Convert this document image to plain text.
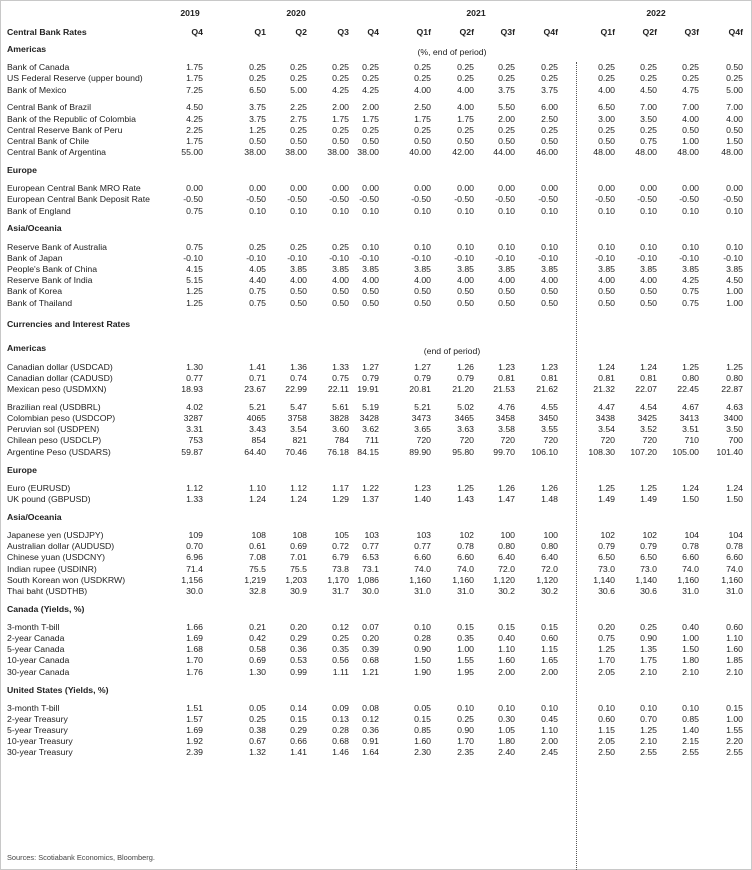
2019	2020	2021	2022
Central Bank Rates	Q4	Q1	Q2	Q3	Q4	Q1f	Q2f	Q3f	Q4f	Q1f	Q2f	Q3f	Q4f
Americas	(%, end of period)
Bank of Canada	1.75	0.25	0.25	0.25	0.25	0.25	0.25	0.25	0.25	0.25	0.25	0.25	0.50
US Federal Reserve (upper bound)	1.75	0.25	0.25	0.25	0.25	0.25	0.25	0.25	0.25	0.25	0.25	0.25	0.25
Bank of Mexico	7.25	6.50	5.00	4.25	4.25	4.00	4.00	3.75	3.75	4.00	4.50	4.75	5.00
Central Bank of Brazil	4.50	3.75	2.25	2.00	2.00	2.50	4.00	5.50	6.00	6.50	7.00	7.00	7.00
Bank of the Republic of Colombia	4.25	3.75	2.75	1.75	1.75	1.75	1.75	2.00	2.50	3.00	3.50	4.00	4.00
Central Reserve Bank of Peru	2.25	1.25	0.25	0.25	0.25	0.25	0.25	0.25	0.25	0.25	0.25	0.50	0.50
Central Bank of Chile	1.75	0.50	0.50	0.50	0.50	0.50	0.50	0.50	0.50	0.50	0.75	1.00	1.50
Central Bank of Argentina	55.00	38.00	38.00	38.00 38.00	40.00	42.00	44.00	46.00	48.00	48.00	48.00	48.00
Europe
European Central Bank MRO Rate	0.00	0.00	0.00	0.00	0.00	0.00	0.00	0.00	0.00	0.00	0.00	0.00	0.00
European Central Bank Deposit Rate	-0.50	-0.50	-0.50	-0.50	-0.50	-0.50	-0.50	-0.50	-0.50	-0.50	-0.50	-0.50	-0.50
Bank of England	0.75	0.10	0.10	0.10	0.10	0.10	0.10	0.10	0.10	0.10	0.10	0.10	0.10
Asia/Oceania
Reserve Bank of Australia	0.75	0.25	0.25	0.25	0.10	0.10	0.10	0.10	0.10	0.10	0.10	0.10	0.10
Bank of Japan	-0.10	-0.10	-0.10	-0.10	-0.10	-0.10	-0.10	-0.10	-0.10	-0.10	-0.10	-0.10	-0.10
People's Bank of China	4.15	4.05	3.85	3.85	3.85	3.85	3.85	3.85	3.85	3.85	3.85	3.85	3.85
Reserve Bank of India	5.15	4.40	4.00	4.00	4.00	4.00	4.00	4.00	4.00	4.00	4.00	4.25	4.50
Bank of Korea	1.25	0.75	0.50	0.50	0.50	0.50	0.50	0.50	0.50	0.50	0.50	0.75	1.00
Bank of Thailand	1.25	0.75	0.50	0.50	0.50	0.50	0.50	0.50	0.50	0.50	0.50	0.75	1.00
Currencies and Interest Rates
Americas	(end of period)
Canadian dollar (USDCAD)	1.30	1.41	1.36	1.33	1.27	1.27	1.26	1.23	1.23	1.24	1.24	1.25	1.25
Canadian dollar (CADUSD)	0.77	0.71	0.74	0.75	0.79	0.79	0.79	0.81	0.81	0.81	0.81	0.80	0.80
Mexican peso (USDMXN)	18.93	23.67	22.99	22.11 19.91	20.81	21.20	21.53	21.62	21.32	22.07	22.45	22.87
Brazilian real (USDBRL)	4.02	5.21	5.47	5.61	5.19	5.21	5.02	4.76	4.55	4.47	4.54	4.67	4.63
Colombian peso (USDCOP)	3287	4065	3758	3828	3428	3473	3465	3458	3450	3438	3425	3413	3400
Peruvian sol (USDPEN)	3.31	3.43	3.54	3.60	3.62	3.65	3.63	3.58	3.55	3.54	3.52	3.51	3.50
Chilean peso (USDCLP)	753	854	821	784	711	720	720	720	720	720	720	710	700
Argentine Peso (USDARS)	59.87	64.40	70.46	76.18 84.15	89.90	95.80	99.70	106.10	108.30	107.20	105.00	101.40
Europe
Euro (EURUSD)	1.12	1.10	1.12	1.17	1.22	1.23	1.25	1.26	1.26	1.25	1.25	1.24	1.24
UK pound (GBPUSD)	1.33	1.24	1.24	1.29	1.37	1.40	1.43	1.47	1.48	1.49	1.49	1.50	1.50
Asia/Oceania
Japanese yen (USDJPY)	109	108	108	105	103	103	102	100	100	102	102	104	104
Australian dollar (AUDUSD)	0.70	0.61	0.69	0.72	0.77	0.77	0.78	0.80	0.80	0.79	0.79	0.78	0.78
Chinese yuan (USDCNY)	6.96	7.08	7.01	6.79	6.53	6.60	6.60	6.40	6.40	6.50	6.50	6.60	6.60
Indian rupee (USDINR)	71.4	75.5	75.5	73.8	73.1	74.0	74.0	72.0	72.0	73.0	73.0	74.0	74.0
South Korean won (USDKRW)	1,156	1,219	1,203	1,170 1,086	1,160	1,160	1,120	1,120	1,140	1,140	1,160	1,160
Thai baht (USDTHB)	30.0	32.8	30.9	31.7	30.0	31.0	31.0	30.2	30.2	30.6	30.6	31.0	31.0
Canada (Yields, %)
3-month T-bill	1.66	0.21	0.20	0.12	0.07	0.10	0.15	0.15	0.15	0.20	0.25	0.40	0.60
2-year Canada	1.69	0.42	0.29	0.25	0.20	0.28	0.35	0.40	0.60	0.75	0.90	1.00	1.10
5-year Canada	1.68	0.58	0.36	0.35	0.39	0.90	1.00	1.10	1.15	1.25	1.35	1.50	1.60
10-year Canada	1.70	0.69	0.53	0.56	0.68	1.50	1.55	1.60	1.65	1.70	1.75	1.80	1.85
30-year Canada	1.76	1.30	0.99	1.11	1.21	1.90	1.95	2.00	2.00	2.05	2.10	2.10	2.10
United States (Yields, %)
3-month T-bill	1.51	0.05	0.14	0.09	0.08	0.05	0.10	0.10	0.10	0.10	0.10	0.10	0.15
2-year Treasury	1.57	0.25	0.15	0.13	0.12	0.15	0.25	0.30	0.45	0.60	0.70	0.85	1.00
5-year Treasury	1.69	0.38	0.29	0.28	0.36	0.85	0.90	1.05	1.10	1.15	1.25	1.40	1.55
10-year Treasury	1.92	0.67	0.66	0.68	0.91	1.60	1.70	1.80	2.00	2.05	2.10	2.15	2.20
30-year Treasury	2.39	1.32	1.41	1.46	1.64	2.30	2.35	2.40	2.45	2.50	2.55	2.55	2.55
Sources: Scotiabank Economics, Bloomberg.
